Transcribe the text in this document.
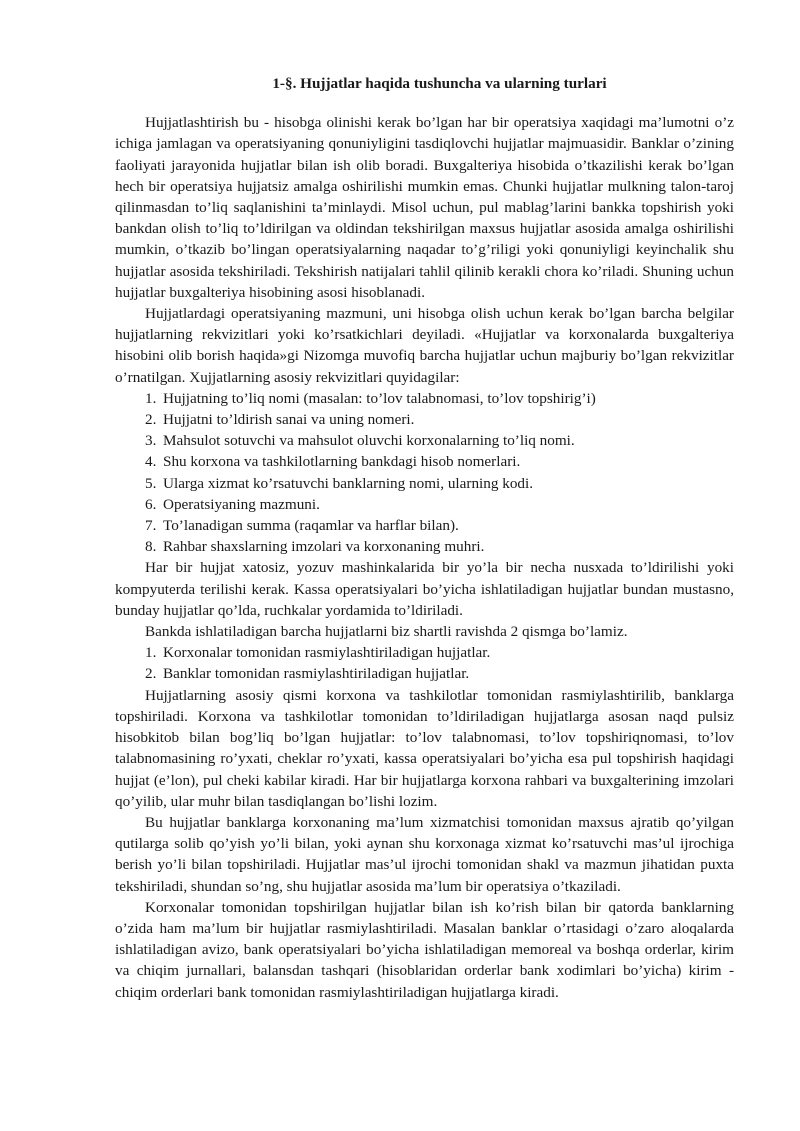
1-§. Hujjatlar haqida tushuncha va ularning turlari

Hujjatlashtirish bu - hisobga olinishi kerak bo’lgan har bir operatsiya xaqidagi ma’lumotni o’z ichiga jamlagan va operatsiyaning qonuniyligini tasdiqlovchi hujjatlar majmuasidir. Banklar o’zining faoliyati jarayonida hujjatlar bilan ish olib boradi. Buxgalteriya hisobida o’tkazilishi kerak bo’lgan hech bir operatsiya hujjatsiz amalga oshirilishi mumkin emas. Chunki hujjatlar mulkning talon-taroj qilinmasdan to’liq saqlanishini ta’minlaydi. Misol uchun, pul mablag’larini bankka topshirish yoki bankdan olish to’liq to’ldirilgan va oldindan tekshirilgan maxsus hujjatlar asosida amalga oshirilishi mumkin, o’tkazib bo’lingan operatsiyalarning naqadar to’g’riligi yoki qonuniyligi keyinchalik shu hujjatlar asosida tekshiriladi. Tekshirish natijalari tahlil qilinib kerakli chora ko’riladi. Shuning uchun hujjatlar buxgalteriya hisobining asosi hisoblanadi.

Hujjatlardagi operatsiyaning mazmuni, uni hisobga olish uchun kerak bo’lgan barcha belgilar hujjatlarning rekvizitlari yoki ko’rsatkichlari deyiladi. «Hujjatlar va korxonalarda buxgalteriya hisobini olib borish haqida»gi Nizomga muvofiq barcha hujjatlar uchun majburiy bo’lgan rekvizitlar o’rnatilgan. Xujjatlarning asosiy rekvizitlari quyidagilar:

1. Hujjatning to’liq nomi (masalan: to’lov talabnomasi, to’lov topshirig’i)
2. Hujjatni to’ldirish sanai va uning nomeri.
3. Mahsulot sotuvchi va mahsulot oluvchi korxonalarning to’liq nomi.
4. Shu korxona va tashkilotlarning bankdagi hisob nomerlari.
5. Ularga xizmat ko’rsatuvchi banklarning nomi, ularning kodi.
6. Operatsiyaning mazmuni.
7. To’lanadigan summa (raqamlar va harflar bilan).
8. Rahbar shaxslarning imzolari va korxonaning muhri.

Har bir hujjat xatosiz, yozuv mashinkalarida bir yo’la bir necha nusxada to’ldirilishi yoki kompyuterda terilishi kerak. Kassa operatsiyalari bo’yicha ishlatiladigan hujjatlar bundan mustasno, bunday hujjatlar qo’lda, ruchkalar yordamida to’ldiriladi.

Bankda ishlatiladigan barcha hujjatlarni biz shartli ravishda 2 qismga bo’lamiz.

1. Korxonalar tomonidan rasmiylashtiriladigan hujjatlar.
2. Banklar tomonidan rasmiylashtiriladigan hujjatlar.

Hujjatlarning asosiy qismi korxona va tashkilotlar tomonidan rasmiylashtirilib, banklarga topshiriladi. Korxona va tashkilotlar tomonidan to’ldiriladigan hujjatlarga asosan naqd pulsiz hisobkitob bilan bog’liq bo’lgan hujjatlar: to’lov talabnomasi, to’lov topshiriqnomasi, to’lov talabnomasining ro’yxati, cheklar ro’yxati, kassa operatsiyalari bo’yicha esa pul topshirish haqidagi hujjat (e’lon), pul cheki kabilar kiradi. Har bir hujjatlarga korxona rahbari va buxgalterining imzolari qo’yilib, ular muhr bilan tasdiqlangan bo’lishi lozim.

Bu hujjatlar banklarga korxonaning ma’lum xizmatchisi tomonidan maxsus ajratib qo’yilgan qutilarga solib qo’yish yo’li bilan, yoki aynan shu korxonaga xizmat ko’rsatuvchi mas’ul ijrochiga berish yo’li bilan topshiriladi. Hujjatlar mas’ul ijrochi tomonidan shakl va mazmun jihatidan puxta tekshiriladi, shundan so’ng, shu hujjatlar asosida ma’lum bir operatsiya o’tkaziladi.

Korxonalar tomonidan topshirilgan hujjatlar bilan ish ko’rish bilan bir qatorda banklarning o’zida ham ma’lum bir hujjatlar rasmiylashtiriladi. Masalan banklar o’rtasidagi o’zaro aloqalarda ishlatiladigan avizo, bank operatsiyalari bo’yicha ishlatiladigan memoreal va boshqa orderlar, kirim va chiqim jurnallari, balansdan tashqari (hisoblaridan orderlar bank xodimlari bo’yicha) kirim - chiqim orderlari bank tomonidan rasmiylashtiriladigan hujjatlarga kiradi.
